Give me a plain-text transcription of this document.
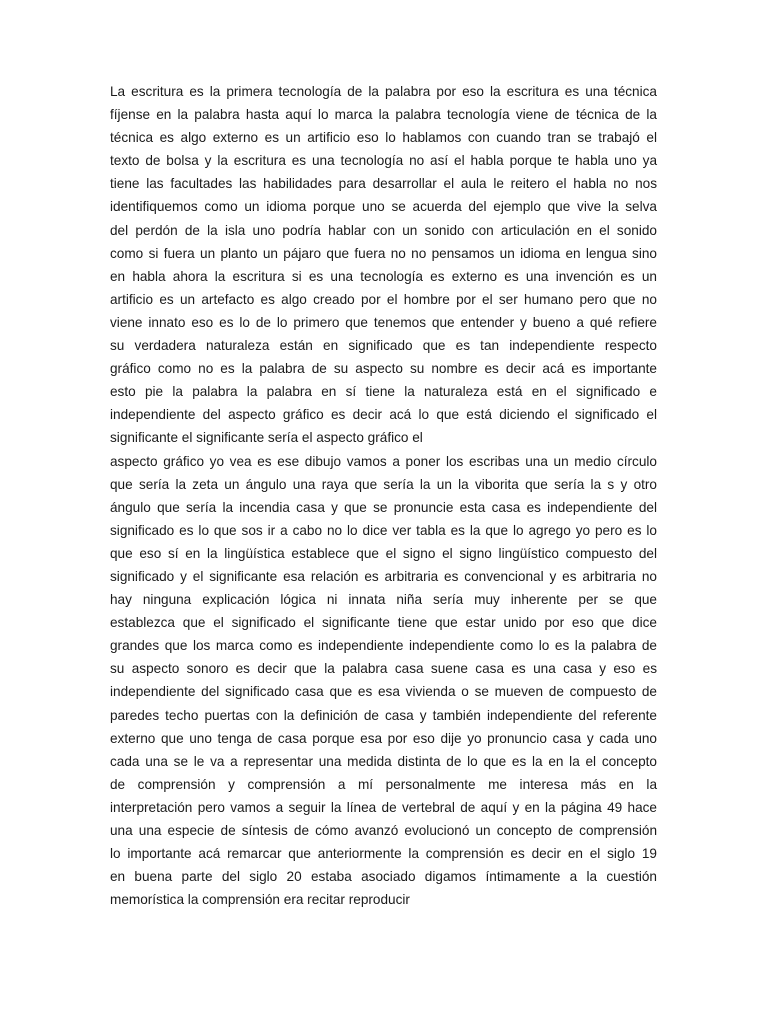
La escritura es la primera tecnología de la palabra por eso la escritura es una técnica
fíjense en la palabra hasta aquí lo marca la palabra tecnología viene de técnica de la
técnica es algo externo es un artificio eso lo hablamos con cuando tran se trabajó el
texto de bolsa y la escritura es una tecnología no así el habla porque te habla uno ya
tiene las facultades las habilidades para desarrollar el aula le reitero el habla no nos
identifiquemos como un idioma porque uno se acuerda del ejemplo que vive la selva
del perdón de la isla uno podría hablar con un sonido con articulación en el sonido
como si fuera un planto un pájaro que fuera no no pensamos un idioma en lengua sino
en habla ahora la escritura si es una tecnología es externo es una invención es un
artificio es un artefacto es algo creado por el hombre por el ser humano pero que no
viene innato eso es lo de lo primero que tenemos que entender y bueno a qué refiere
su verdadera naturaleza están en significado que es tan independiente respecto
gráfico como no es la palabra de su aspecto su nombre es decir acá es importante
esto pie la palabra la palabra en sí tiene la naturaleza está en el significado e
independiente del aspecto gráfico es decir acá lo que está diciendo el significado el
significante el significante sería el aspecto gráfico el
aspecto gráfico yo vea es ese dibujo vamos a poner los escribas una un medio círculo
que sería la zeta un ángulo una raya que sería la un la viborita que sería la s y otro
ángulo que sería la incendia casa y que se pronuncie esta casa es independiente del
significado es lo que sos ir a cabo no lo dice ver tabla es la que lo agrego yo pero es lo
que eso sí en la lingüística establece que el signo el signo lingüístico compuesto del
significado y el significante esa relación es arbitraria es convencional y es arbitraria no
hay ninguna explicación lógica ni innata niña sería muy inherente per se que
establezca que el significado el significante tiene que estar unido por eso que dice
grandes que los marca como es independiente independiente como lo es la palabra de
su aspecto sonoro es decir que la palabra casa suene casa es una casa y eso es
independiente del significado casa que es esa vivienda o se mueven de compuesto de
paredes techo puertas con la definición de casa y también independiente del referente
externo que uno tenga de casa porque esa por eso dije yo pronuncio casa y cada uno
cada una se le va a representar una medida distinta de lo que es la en la el concepto
de comprensión y comprensión a mí personalmente me interesa más en la
interpretación pero vamos a seguir la línea de vertebral de aquí y en la página 49 hace
una una especie de síntesis de cómo avanzó evolucionó un concepto de comprensión
lo importante acá remarcar que anteriormente la comprensión es decir en el siglo 19
en buena parte del siglo 20 estaba asociado digamos íntimamente a la cuestión
memorística la comprensión era recitar reproducir
